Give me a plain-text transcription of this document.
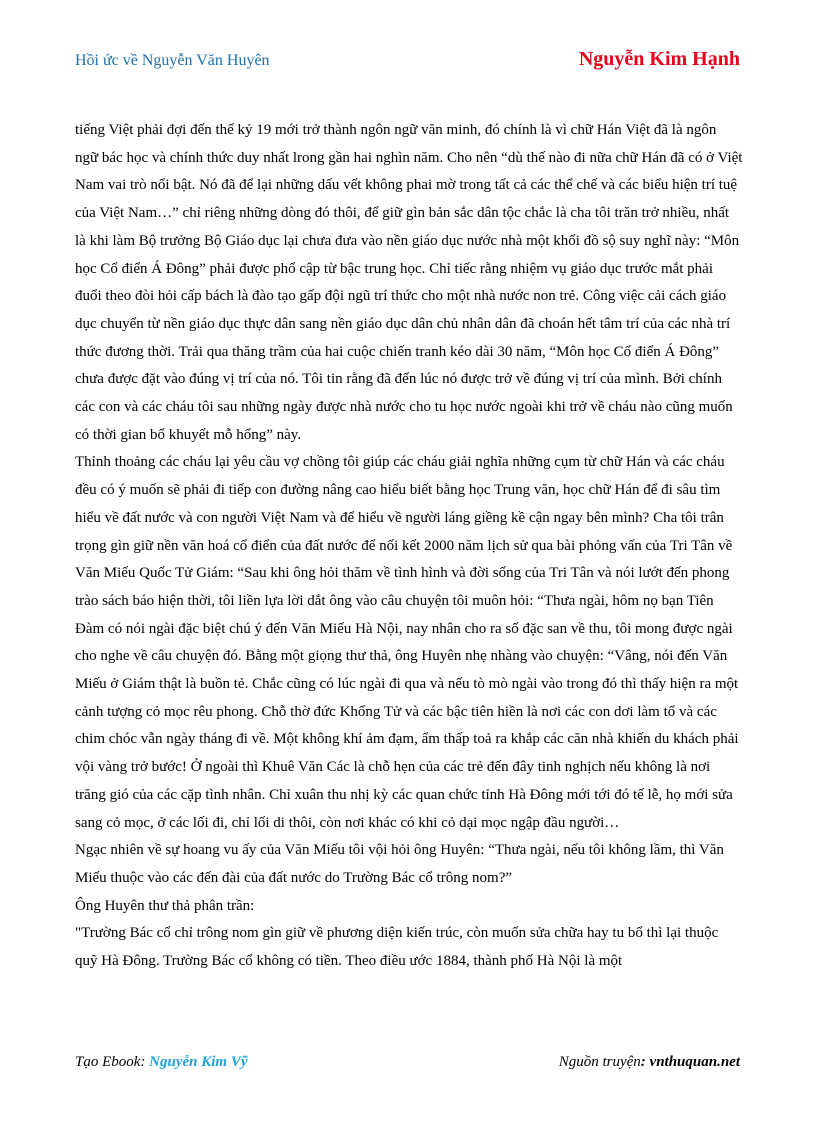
Hồi ức về Nguyễn Văn Huyên	Nguyễn Kim Hạnh

tiếng Việt phải đợi đến thế kỷ 19 mới trở thành ngôn ngữ văn minh, đó chính là vì chữ Hán Việt đã là ngôn ngữ bác học và chính thức duy nhất lrong gần hai nghìn năm. Cho nên “dù thế nào đi nữa chữ Hán đã có ở Việt Nam vai trò nổi bật. Nó đã để lại những dấu vết không phai mờ trong tất cả các thể chế và các biểu hiện trí tuệ của Việt Nam…” chỉ riêng những dòng đó thôi, để giữ gìn bản sắc dân tộc chắc là cha tôi trăn trở nhiều, nhất là khi làm Bộ trưởng Bộ Giáo dục lại chưa đưa vào nền giáo dục nước nhà một khối đồ sộ suy nghĩ này: “Môn học Cổ điển Á Đông” phải được phổ cập từ bậc trung học. Chỉ tiếc rằng nhiệm vụ giáo dục trước mắt phải đuổi theo đòi hỏi cấp bách là đào tạo gấp đội ngũ trí thức cho một nhà nước non trẻ. Công việc cải cách giáo dục chuyển từ nền giáo dục thực dân sang nền giáo dục dân chủ nhân dân đã choán hết tâm trí của các nhà trí thức đương thời. Trải qua thăng trầm của hai cuộc chiến tranh kéo dài 30 năm, “Môn học Cổ điển Á Đông” chưa được đặt vào đúng vị trí của nó. Tôi tin rằng đã đến lúc nó được trở về đúng vị trí của mình. Bởi chính các con và các cháu tôi sau những ngày được nhà nước cho tu học nước ngoài khi trở về cháu nào cũng muốn có thời gian bổ khuyết mỗ hổng” này.

Thỉnh thoảng các cháu lại yêu cầu vợ chồng tôi giúp các cháu giải nghĩa những cụm từ chữ Hán và các cháu đều có ý muốn sẽ phải đi tiếp con đường nâng cao hiểu biết bằng học Trung văn, học chữ Hán để đi sâu tìm hiểu về đất nước và con người Việt Nam và để hiểu về người láng giềng kề cận ngay bên mình? Cha tôi trân trọng gìn giữ nền văn hoá cổ điển của đất nước để nối kết 2000 năm lịch sử qua bài phỏng vấn của Tri Tân về Văn Miếu Quốc Tử Giám: “Sau khi ông hỏi thăm về tình hình và đời sống của Tri Tân và nói lướt đến phong trào sách báo hiện thời, tôi liền lựa lời dắt ông vào câu chuyện tôi muôn hỏi: “Thưa ngài, hôm nọ bạn Tiên Đàm có nói ngài đặc biệt chú ý đến Văn Miếu Hà Nội, nay nhân cho ra số đặc san về thu, tôi mong được ngài cho nghe về câu chuyện đó. Bằng một giọng thư thả, ông Huyên nhẹ nhàng vào chuyện: “Vâng, nói đến Văn Miếu ở Giám thật là buồn tẻ. Chắc cũng có lúc ngài đi qua và nếu tò mò ngài vào trong đó thì thấy hiện ra một cảnh tượng cỏ mọc rêu phong. Chỗ thờ đức Khổng Tử và các bậc tiên hiền là nơi các con dơi làm tổ và các chim chóc vẫn ngày tháng đi về. Một không khí ảm đạm, ẩm thấp toả ra khắp các căn nhà khiến du khách phải vội vàng trở bước! Ở ngoài thì Khuê Văn Các là chỗ hẹn của các trẻ đến đây tinh nghịch nếu không là nơi trăng gió của các cặp tình nhân. Chỉ xuân thu nhị kỳ các quan chức tỉnh Hà Đông mới tới đó tế lễ, họ mới sửa sang cỏ mọc, ở các lối đi, chỉ lối di thôi, còn nơi khác có khi cỏ dại mọc ngập đầu người…

Ngạc nhiên về sự hoang vu ấy của Văn Miếu tôi vội hỏi ông Huyên: “Thưa ngài, nếu tôi không lầm, thì Văn Miếu thuộc vào các đến đài của đất nước do Trường Bác cổ trông nom?”

Ông Huyên thư thả phân trần:

"Trường Bác cổ chỉ trông nom gìn giữ về phương diện kiến trúc, còn muốn sửa chữa hay tu bổ thì lại thuộc quỹ Hà Đông. Trường Bác cổ không có tiền. Theo điều ước 1884, thành phố Hà Nội là một

Tạo Ebook: Nguyễn Kim Vỹ	Nguồn truyện: vnthuquan.net
